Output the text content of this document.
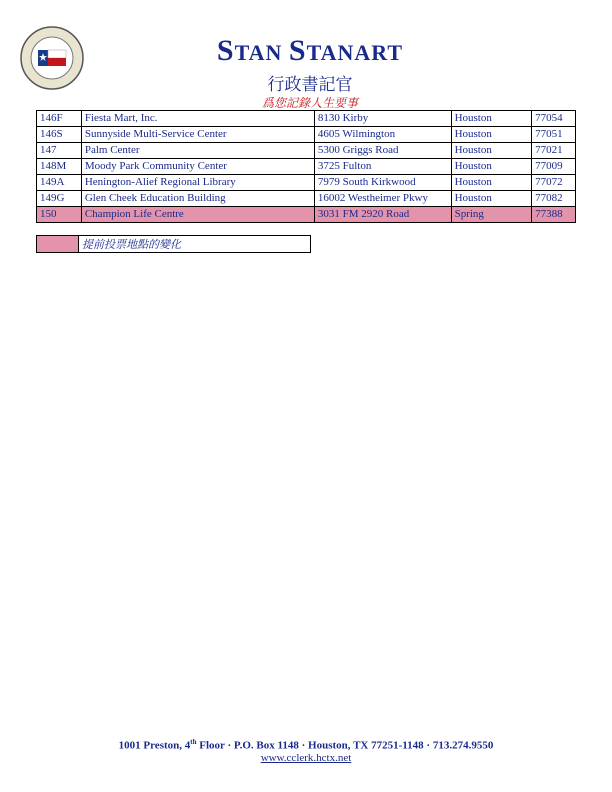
STAN STANART
行政書記官
爲您記錄人生要事
146F	Fiesta Mart, Inc.	8130 Kirby	Houston	77054
146S	Sunnyside Multi-Service Center	4605 Wilmington	Houston	77051
147	Palm Center	5300 Griggs Road	Houston	77021
148M	Moody Park Community Center	3725 Fulton	Houston	77009
149A	Henington-Alief Regional Library	7979 South Kirkwood	Houston	77072
149G	Glen Cheek Education Building	16002 Westheimer Pkwy	Houston	77082
150	Champion Life Centre	3031 FM 2920 Road	Spring	77388
	提前投票地點的變化
1001 Preston, 4th Floor · P.O. Box 1148 · Houston, TX 77251-1148 · 713.274.9550
www.cclerk.hctx.net
